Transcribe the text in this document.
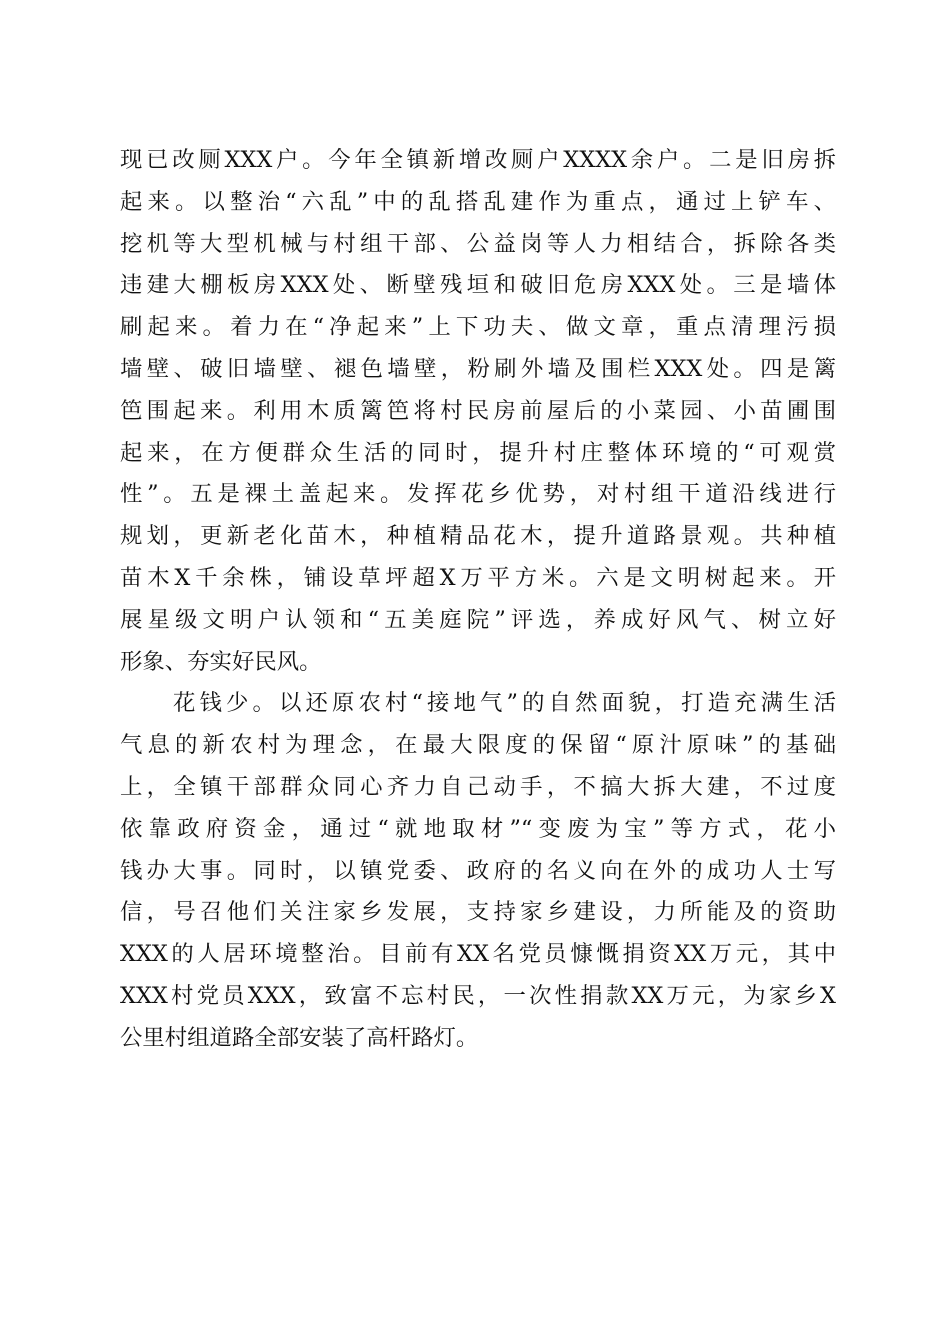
现已改厕XXX户。今年全镇新增改厕户XXXX余户。二是旧房拆
起来。以整治“六乱”中的乱搭乱建作为重点，通过上铲车、
挖机等大型机械与村组干部、公益岗等人力相结合，拆除各类
违建大棚板房XXX处、断壁残垣和破旧危房XXX处。三是墙体
刷起来。着力在“净起来”上下功夫、做文章，重点清理污损
墙壁、破旧墙壁、褪色墙壁，粉刷外墙及围栏XXX处。四是篱
笆围起来。利用木质篱笆将村民房前屋后的小菜园、小苗圃围
起来，在方便群众生活的同时，提升村庄整体环境的“可观赏
性”。五是裸土盖起来。发挥花乡优势，对村组干道沿线进行
规划，更新老化苗木，种植精品花木，提升道路景观。共种植
苗木X千余株，铺设草坪超X万平方米。六是文明树起来。开
展星级文明户认领和“五美庭院”评选，养成好风气、树立好
形象、夯实好民风。
　　花钱少。以还原农村“接地气”的自然面貌，打造充满生活
气息的新农村为理念，在最大限度的保留“原汁原味”的基础
上，全镇干部群众同心齐力自己动手，不搞大拆大建，不过度
依靠政府资金，通过“就地取材”“变废为宝”等方式，花小
钱办大事。同时，以镇党委、政府的名义向在外的成功人士写
信，号召他们关注家乡发展，支持家乡建设，力所能及的资助
XXX的人居环境整治。目前有XX名党员慷慨捐资XX万元，其中
XXX村党员XXX，致富不忘村民，一次性捐款XX万元，为家乡X
公里村组道路全部安装了高杆路灯。
